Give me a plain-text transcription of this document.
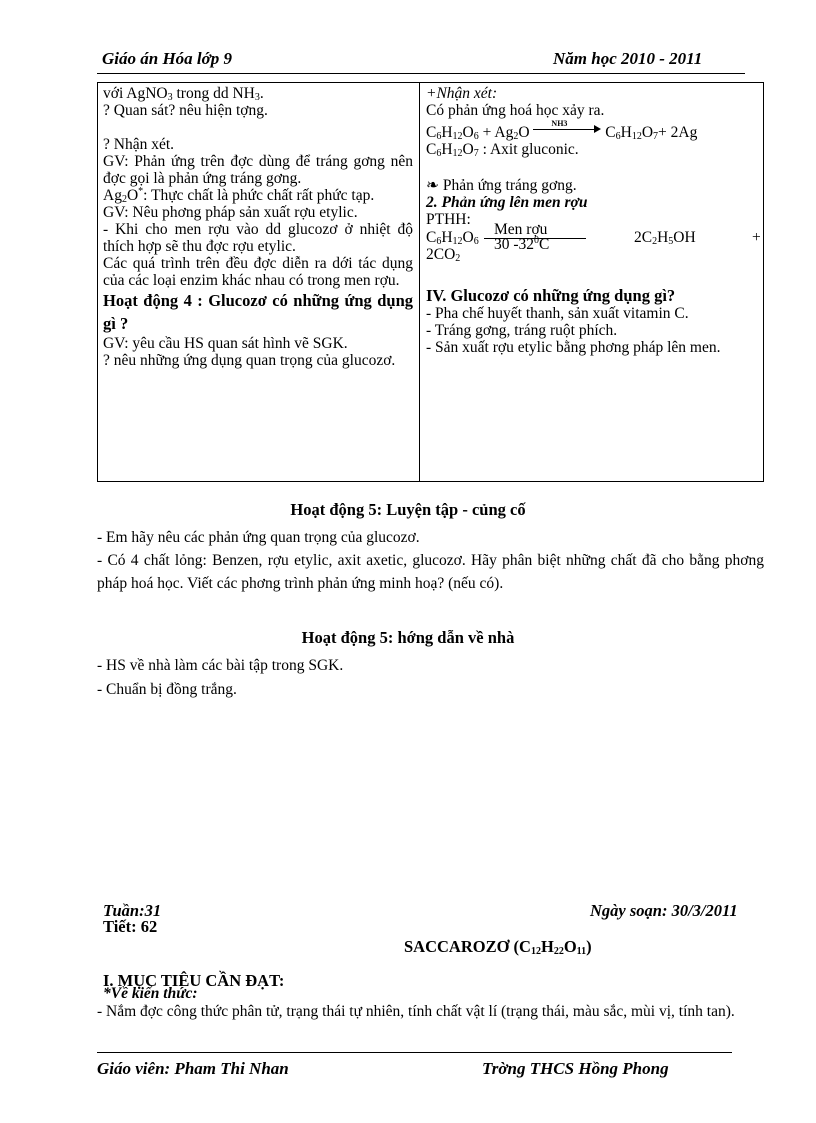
Giáo án Hóa lớp 9	Năm học 2010 - 2011

với AgNO$_3$ trong dd $NH_3$.

? Quan sát? nêu hiện tợng.

? Nhận xét.

GV: Phản ứng trên đợc dùng để tráng gơng nên đợc gọi là phản ứng tráng gơng.

$Ag_2O^*$: Thực chất là phức chất rất phức tạp.

GV: Nêu phơng pháp sản xuất rợu etylic.

- Khi cho men rợu vào dd glucozơ ở nhiệt độ thích hợp sẽ thu đợc rợu etylic.

Các quá trình trên đều đợc diễn ra dới tác dụng của các loại enzim khác nhau có trong men rợu.

Hoạt động 4 : Glucozơ có những ứng dụng gì ?

GV: yêu cầu HS quan sát hình vẽ SGK.

? nêu những ứng dụng quan trọng của glucozơ.

+Nhận xét:

Có phản ứng hoá học xảy ra.

$C_6H_{12}O_6 + Ag_2O$
NH3
$C_6H_{12}O_7+ 2Ag$

$C_6H_{12}O_7$ : Axit gluconic.

❧ Phản ứng tráng gơng.

2. Phản ứng lên men rợu

PTHH:

$C_6H_{12}O_6$
Men rợu
30 $-32^0C$	$2C_2H_5OH$	+
$2CO_2$

IV. Glucozơ có những ứng dụng gì?

- Pha chế huyết thanh, sản xuất vitamin C.

- Tráng gơng, tráng ruột phích.

- Sản xuất rợu etylic bằng phơng pháp lên men.

Hoạt động 5: Luyện tập - củng cố
- Em hãy nêu các phản ứng quan trọng của glucozơ.
- Có 4 chất lỏng: Benzen, rợu etylic, axit axetic, glucozơ. Hãy phân biệt những chất đã cho bằng phơng pháp hoá học. Viết các phơng trình phản ứng minh hoạ? (nếu có).
Hoạt động 5: hớng dẫn về nhà
- HS về nhà làm các bài tập trong SGK.
- Chuẩn bị đồng trắng.
Tuần:31
Tiết: 62
Ngày soạn: 30/3/2011
SACCAROZƠ $(C_{12}H_{22}O_{11})$
I. MỤC TIÊU CẦN ĐẠT:
*Về kiến thức:
- Nắm đợc công thức phân tử, trạng thái tự nhiên, tính chất vật lí (trạng thái, màu sắc, mùi vị, tính tan).
Giáo viên: Pham Thi Nhan	Trờng THCS Hồng Phong
